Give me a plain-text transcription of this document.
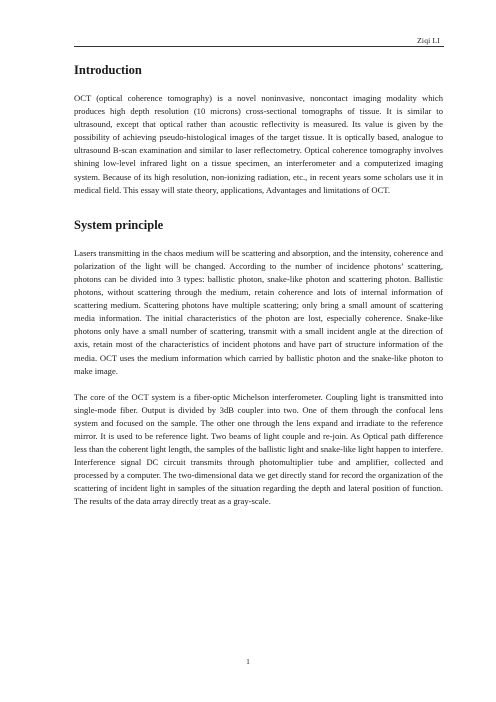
Ziqi LI
Introduction

OCT (optical coherence tomography) is a novel noninvasive, noncontact imaging modality which produces high depth resolution (10 microns) cross-sectional tomographs of tissue. It is similar to ultrasound, except that optical rather than acoustic reflectivity is measured. Its value is given by the possibility of achieving pseudo-histological images of the target tissue. It is optically based, analogue to ultrasound B-scan examination and similar to laser reflectometry. Optical coherence tomography involves shining low-level infrared light on a tissue specimen, an interferometer and a computerized imaging system. Because of its high resolution, non-ionizing radiation, etc., in recent years some scholars use it in medical field. This essay will state theory, applications, Advantages and limitations of OCT.

System principle

Lasers transmitting in the chaos medium will be scattering and absorption, and the intensity, coherence and polarization of the light will be changed. According to the number of incidence photons’ scattering, photons can be divided into 3 types: ballistic photon, snake-like photon and scattering photon. Ballistic photons, without scattering through the medium, retain coherence and lots of internal information of scattering medium. Scattering photons have multiple scattering; only bring a small amount of scattering media information. The initial characteristics of the photon are lost, especially coherence. Snake-like photons only have a small number of scattering, transmit with a small incident angle at the direction of axis, retain most of the characteristics of incident photons and have part of structure information of the media. OCT uses the medium information which carried by ballistic photon and the snake-like photon to make image.

The core of the OCT system is a fiber-optic Michelson interferometer. Coupling light is transmitted into single-mode fiber. Output is divided by 3dB coupler into two. One of them through the confocal lens system and focused on the sample. The other one through the lens expand and irradiate to the reference mirror. It is used to be reference light. Two beams of light couple and re-join. As Optical path difference less than the coherent light length, the samples of the ballistic light and snake-like light happen to interfere. Interference signal DC circuit transmits through photomultiplier tube and amplifier, collected and processed by a computer. The two-dimensional data we get directly stand for record the organization of the scattering of incident light in samples of the situation regarding the depth and lateral position of function. The results of the data array directly treat as a gray-scale.

1
